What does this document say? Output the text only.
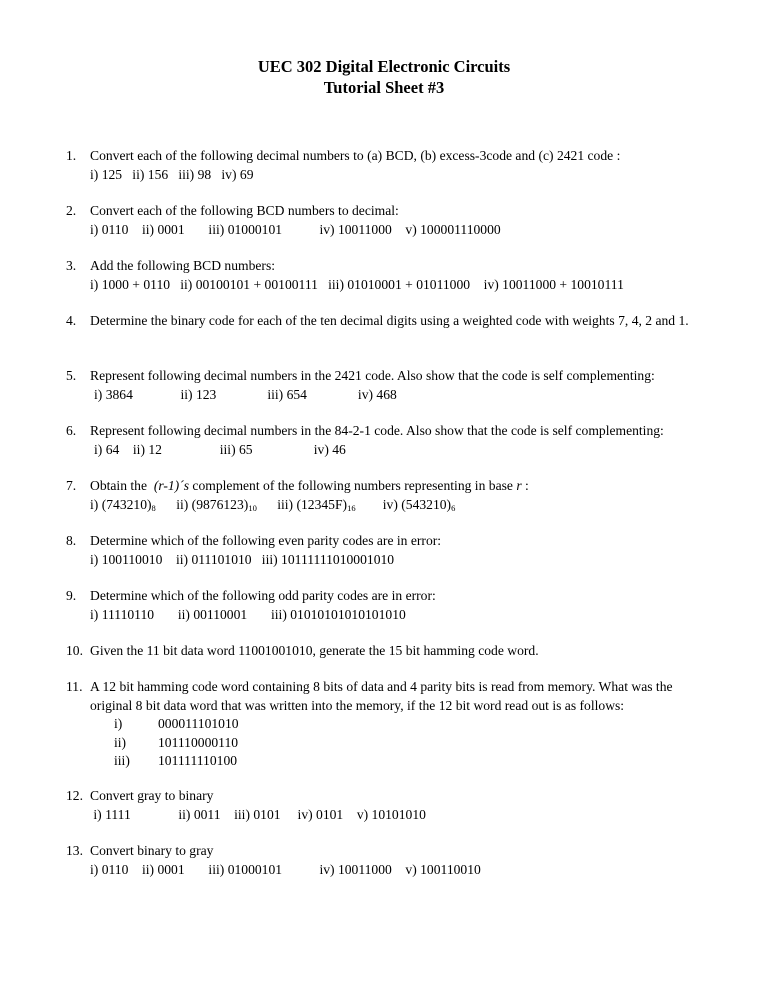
UEC 302 Digital Electronic Circuits
Tutorial Sheet #3
1. Convert each of the following decimal numbers to (a) BCD, (b) excess-3code and (c) 2421 code :
i) 125   ii) 156   iii) 98   iv) 69
2. Convert each of the following BCD numbers to decimal:
i) 0110    ii) 0001       iii) 01000101           iv) 10011000    v) 100001110000
3. Add the following BCD numbers:
i) 1000 + 0110   ii) 00100101 + 00100111   iii) 01010001 + 01011000    iv) 10011000 + 10010111
4. Determine the binary code for each of the ten decimal digits using a weighted code with weights 7, 4, 2 and 1.
5. Represent following decimal numbers in the 2421 code. Also show that the code is self complementing:
i) 3864              ii) 123               iii) 654               iv) 468
6. Represent following decimal numbers in the 84-2-1 code. Also show that the code is self complementing:
i) 64    ii) 12                 iii) 65                  iv) 46
7. Obtain the  (r-1)´s complement of the following numbers representing in base r :
i) $(743210)_8$ ii) $(9876123)_{10}$ iii) $(12345F)_{16}$ iv) $(543210)_6$
8. Determine which of the following even parity codes are in error:
i) 100110010    ii) 011101010   iii) 10111111010001010
9. Determine which of the following odd parity codes are in error:
i) 11110110       ii) 00110001       iii) 01010101010101010
10. Given the 11 bit data word 11001001010, generate the 15 bit hamming code word.
11. A 12 bit hamming code word containing 8 bits of data and 4 parity bits is read from memory. What was the original 8 bit data word that was written into the memory, if the 12 bit word read out is as follows:
i)	000011101010
ii) 101110000110
iii) 101111110100
12. Convert gray to binary
i) 1111              ii) 0011    iii) 0101     iv) 0101    v) 10101010
13. Convert binary to gray
i) 0110    ii) 0001       iii) 01000101           iv) 10011000    v) 100110010
